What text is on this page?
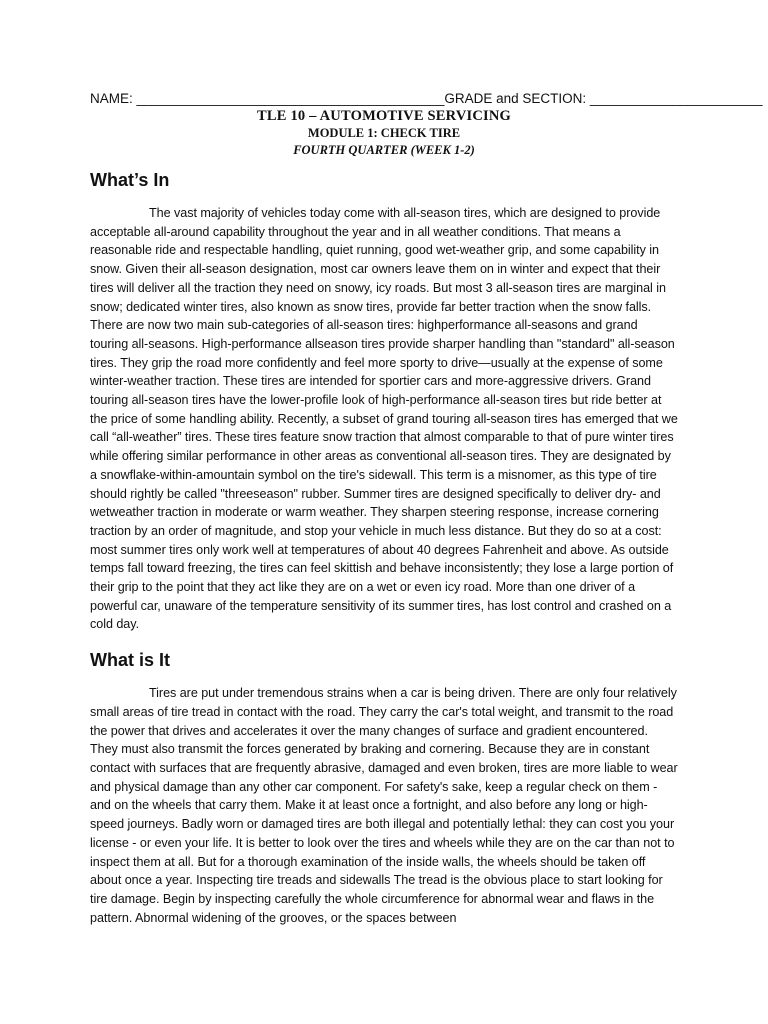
NAME: _________________________________________GRADE and SECTION: _______________________
TLE 10 – AUTOMOTIVE SERVICING
MODULE 1: CHECK TIRE
FOURTH QUARTER (WEEK 1-2)
What’s In

The vast majority of vehicles today come with all-season tires, which are designed to provide acceptable all-around capability throughout the year and in all weather conditions. That means a reasonable ride and respectable handling, quiet running, good wet-weather grip, and some capability in snow. Given their all-season designation, most car owners leave them on in winter and expect that their tires will deliver all the traction they need on snowy, icy roads. But most 3 all-season tires are marginal in snow; dedicated winter tires, also known as snow tires, provide far better traction when the snow falls. There are now two main sub-categories of all-season tires: highperformance all-seasons and grand touring all-seasons. High-performance allseason tires provide sharper handling than "standard" all-season tires. They grip the road more confidently and feel more sporty to drive—usually at the expense of some winter-weather traction. These tires are intended for sportier cars and more-aggressive drivers. Grand touring all-season tires have the lower-profile look of high-performance all-season tires but ride better at the price of some handling ability. Recently, a subset of grand touring all-season tires has emerged that we call “all-weather” tires. These tires feature snow traction that almost comparable to that of pure winter tires while offering similar performance in other areas as conventional all-season tires. They are designated by a snowflake-within-amountain symbol on the tire's sidewall. This term is a misnomer, as this type of tire should rightly be called "threeseason" rubber. Summer tires are designed specifically to deliver dry- and wetweather traction in moderate or warm weather. They sharpen steering response, increase cornering traction by an order of magnitude, and stop your vehicle in much less distance. But they do so at a cost: most summer tires only work well at temperatures of about 40 degrees Fahrenheit and above. As outside temps fall toward freezing, the tires can feel skittish and behave inconsistently; they lose a large portion of their grip to the point that they act like they are on a wet or even icy road. More than one driver of a powerful car, unaware of the temperature sensitivity of its summer tires, has lost control and crashed on a cold day.

What is It

Tires are put under tremendous strains when a car is being driven. There are only four relatively small areas of tire tread in contact with the road. They carry the car's total weight, and transmit to the road the power that drives and accelerates it over the many changes of surface and gradient encountered. They must also transmit the forces generated by braking and cornering. Because they are in constant contact with surfaces that are frequently abrasive, damaged and even broken, tires are more liable to wear and physical damage than any other car component. For safety's sake, keep a regular check on them - and on the wheels that carry them. Make it at least once a fortnight, and also before any long or high-speed journeys. Badly worn or damaged tires are both illegal and potentially lethal: they can cost you your license - or even your life. It is better to look over the tires and wheels while they are on the car than not to inspect them at all. But for a thorough examination of the inside walls, the wheels should be taken off about once a year. Inspecting tire treads and sidewalls The tread is the obvious place to start looking for tire damage. Begin by inspecting carefully the whole circumference for abnormal wear and flaws in the pattern. Abnormal widening of the grooves, or the spaces between
